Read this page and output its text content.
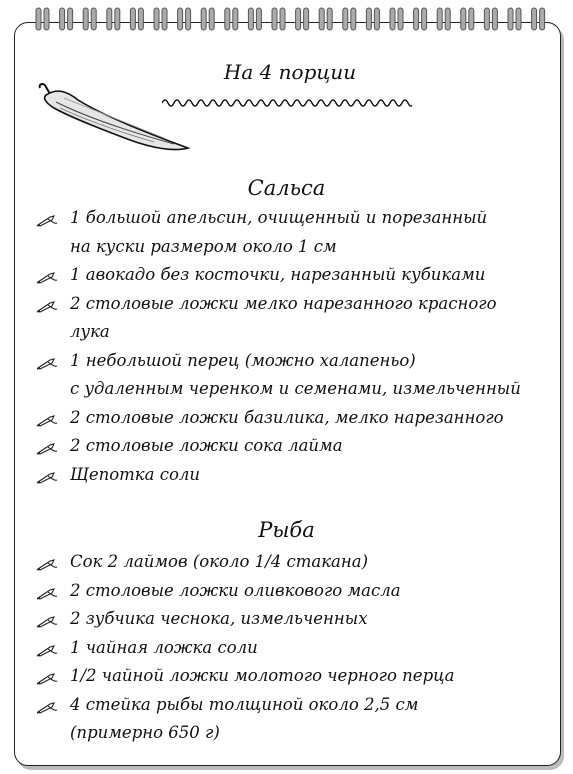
На 4 порции
Сальса
1 большой апельсин, очищенный и порезанный
на куски размером около 1 см
1 авокадо без косточки, нарезанный кубиками
2 столовые ложки мелко нарезанного красного
лука
1 небольшой перец (можно халапеньо)
с удаленным черенком и семенами, измельченный
2 столовые ложки базилика, мелко нарезанного
2 столовые ложки сока лайма
Щепотка соли
Рыба
Сок 2 лаймов (около 1/4 стакана)
2 столовые ложки оливкового масла
2 зубчика чеснока, измельченных
1 чайная ложка соли
1/2 чайной ложки молотого черного перца
4 стейка рыбы толщиной около 2,5 см
(примерно 650 г)
